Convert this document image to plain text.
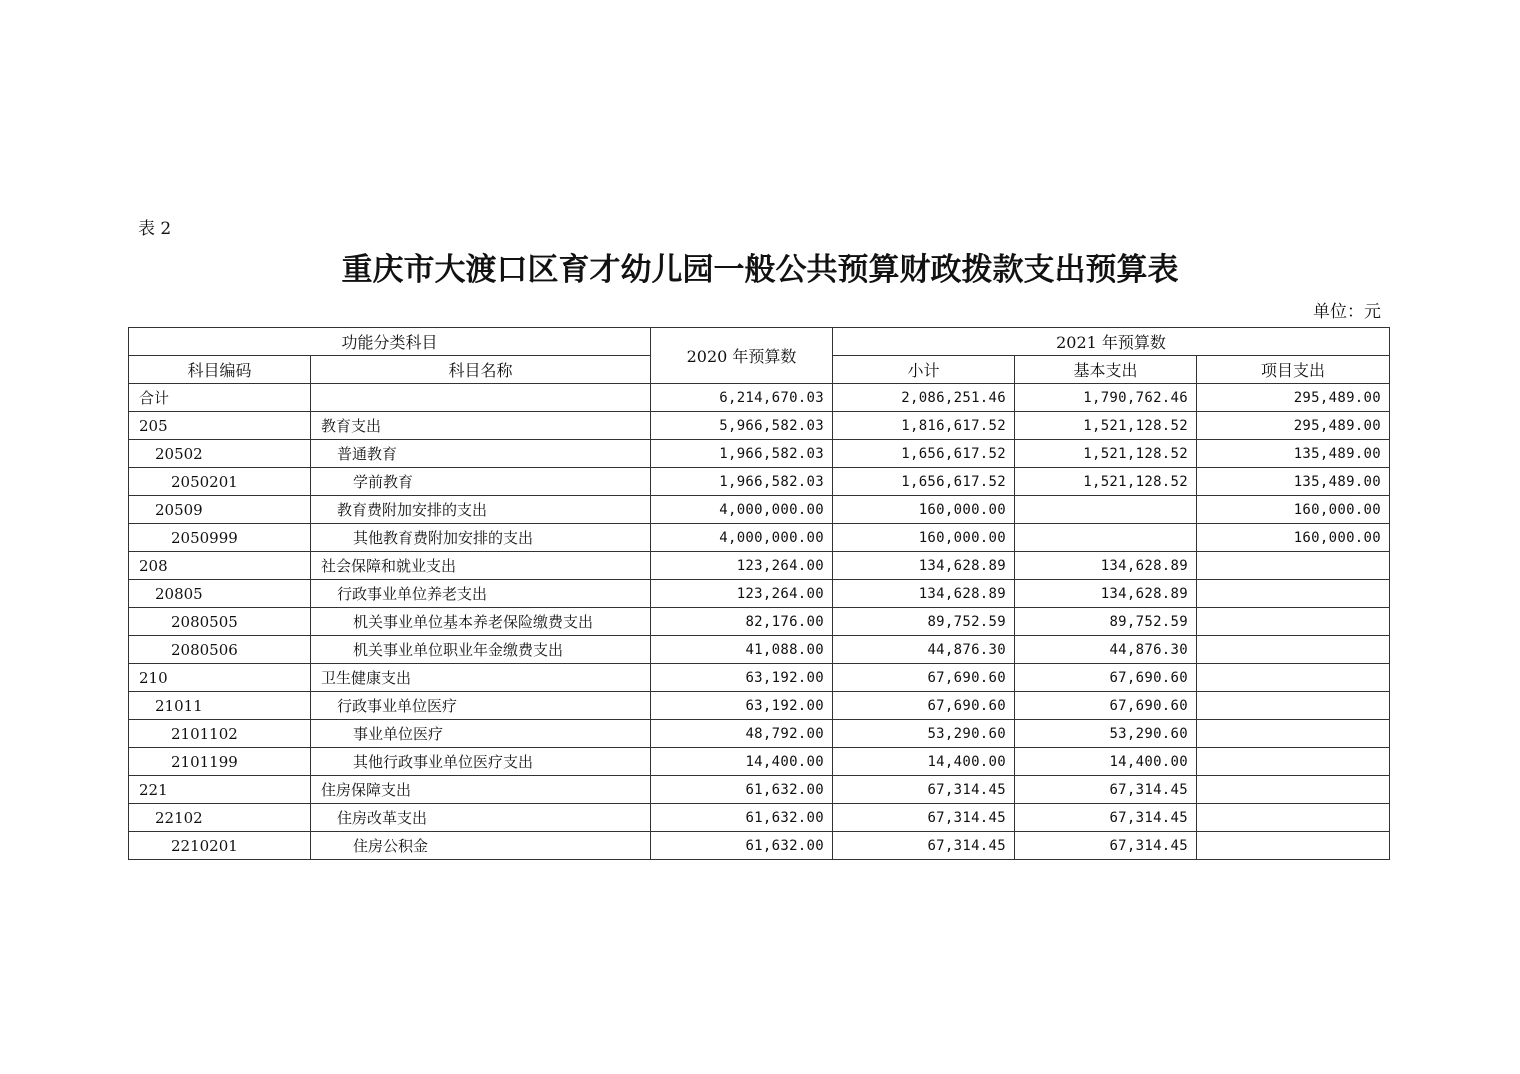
表 2
重庆市大渡口区育才幼儿园一般公共预算财政拨款支出预算表
单位：元
功能分类科目		2020 年预算数	2021 年预算数		
科目编码	科目名称		小计	基本支出	项目支出
合计		6,214,670.03	2,086,251.46	1,790,762.46	295,489.00
205	教育支出	5,966,582.03	1,816,617.52	1,521,128.52	295,489.00
20502	普通教育	1,966,582.03	1,656,617.52	1,521,128.52	135,489.00
2050201	学前教育	1,966,582.03	1,656,617.52	1,521,128.52	135,489.00
20509	教育费附加安排的支出	4,000,000.00	160,000.00		160,000.00
2050999	其他教育费附加安排的支出	4,000,000.00	160,000.00		160,000.00
208	社会保障和就业支出	123,264.00	134,628.89	134,628.89	
20805	行政事业单位养老支出	123,264.00	134,628.89	134,628.89	
2080505	机关事业单位基本养老保险缴费支出	82,176.00	89,752.59	89,752.59	
2080506	机关事业单位职业年金缴费支出	41,088.00	44,876.30	44,876.30	
210	卫生健康支出	63,192.00	67,690.60	67,690.60	
21011	行政事业单位医疗	63,192.00	67,690.60	67,690.60	
2101102	事业单位医疗	48,792.00	53,290.60	53,290.60	
2101199	其他行政事业单位医疗支出	14,400.00	14,400.00	14,400.00	
221	住房保障支出	61,632.00	67,314.45	67,314.45	
22102	住房改革支出	61,632.00	67,314.45	67,314.45	
2210201	住房公积金	61,632.00	67,314.45	67,314.45	
